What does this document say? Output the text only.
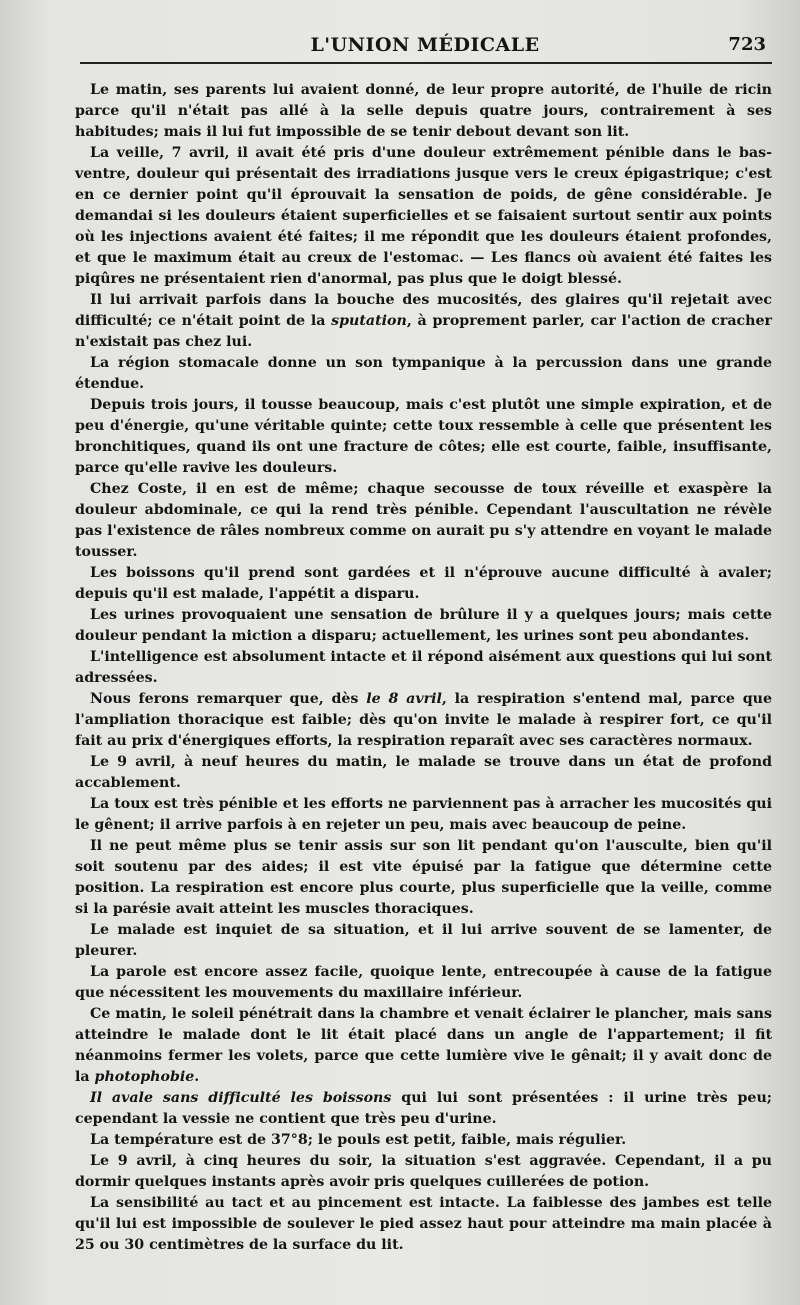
L'UNION MÉDICALE	723

Le matin, ses parents lui avaient donné, de leur propre autorité, de l'huile de ricin parce qu'il n'était pas allé à la selle depuis quatre jours, contrairement à ses habitudes; mais il lui fut impossible de se tenir debout devant son lit.

La veille, 7 avril, il avait été pris d'une douleur extrêmement pénible dans le bas-ventre, douleur qui présentait des irradiations jusque vers le creux épigastrique; c'est en ce dernier point qu'il éprouvait la sensation de poids, de gêne considérable. Je demandai si les douleurs étaient superficielles et se faisaient surtout sentir aux points où les injections avaient été faites; il me répondit que les douleurs étaient profondes, et que le maximum était au creux de l'estomac. — Les flancs où avaient été faites les piqûres ne présentaient rien d'anormal, pas plus que le doigt blessé.

Il lui arrivait parfois dans la bouche des mucosités, des glaires qu'il rejetait avec difficulté; ce n'était point de la sputation, à proprement parler, car l'action de cracher n'existait pas chez lui.

La région stomacale donne un son tympanique à la percussion dans une grande étendue.

Depuis trois jours, il tousse beaucoup, mais c'est plutôt une simple expiration, et de peu d'énergie, qu'une véritable quinte; cette toux ressemble à celle que présentent les bronchitiques, quand ils ont une fracture de côtes; elle est courte, faible, insuffisante, parce qu'elle ravive les douleurs.

Chez Coste, il en est de même; chaque secousse de toux réveille et exaspère la douleur abdominale, ce qui la rend très pénible. Cependant l'auscultation ne révèle pas l'existence de râles nombreux comme on aurait pu s'y attendre en voyant le malade tousser.

Les boissons qu'il prend sont gardées et il n'éprouve aucune difficulté à avaler; depuis qu'il est malade, l'appétit a disparu.

Les urines provoquaient une sensation de brûlure il y a quelques jours; mais cette douleur pendant la miction a disparu; actuellement, les urines sont peu abondantes.

L'intelligence est absolument intacte et il répond aisément aux questions qui lui sont adressées.

Nous ferons remarquer que, dès le 8 avril, la respiration s'entend mal, parce que l'ampliation thoracique est faible; dès qu'on invite le malade à respirer fort, ce qu'il fait au prix d'énergiques efforts, la respiration reparaît avec ses caractères normaux.

Le 9 avril, à neuf heures du matin, le malade se trouve dans un état de profond accablement.

La toux est très pénible et les efforts ne parviennent pas à arracher les mucosités qui le gênent; il arrive parfois à en rejeter un peu, mais avec beaucoup de peine.

Il ne peut même plus se tenir assis sur son lit pendant qu'on l'ausculte, bien qu'il soit soutenu par des aides; il est vite épuisé par la fatigue que détermine cette position. La respiration est encore plus courte, plus superficielle que la veille, comme si la parésie avait atteint les muscles thoraciques.

Le malade est inquiet de sa situation, et il lui arrive souvent de se lamenter, de pleurer.

La parole est encore assez facile, quoique lente, entrecoupée à cause de la fatigue que nécessitent les mouvements du maxillaire inférieur.

Ce matin, le soleil pénétrait dans la chambre et venait éclairer le plancher, mais sans atteindre le malade dont le lit était placé dans un angle de l'appartement; il fit néanmoins fermer les volets, parce que cette lumière vive le gênait; il y avait donc de la photophobie.

Il avale sans difficulté les boissons qui lui sont présentées : il urine très peu; cependant la vessie ne contient que très peu d'urine.

La température est de 37°8; le pouls est petit, faible, mais régulier.

Le 9 avril, à cinq heures du soir, la situation s'est aggravée. Cependant, il a pu dormir quelques instants après avoir pris quelques cuillerées de potion.

La sensibilité au tact et au pincement est intacte. La faiblesse des jambes est telle qu'il lui est impossible de soulever le pied assez haut pour atteindre ma main placée à 25 ou 30 centimètres de la surface du lit.
